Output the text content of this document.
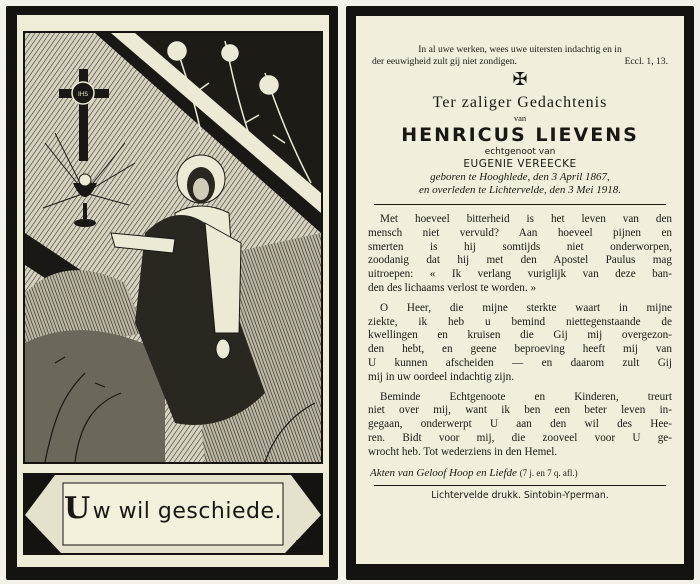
IHS
Uw wil geschiede.
C·G·	DB.10
In al uwe werken, wees uwe uitersten indachtig en in
der eeuwigheid zult gij niet zondigen.	Eccl. 1, 13.
✠
Ter zaliger Gedachtenis
van
HENRICUS LIEVENS
echtgenoot van
EUGENIE VEREECKE
geboren te Hooghlede, den 3 April 1867,
en overleden te Lichtervelde, den 3 Mei 1918.
Met hoeveel bitterheid is het leven van den
mensch niet vervuld? Aan hoeveel pijnen en
smerten is hij somtijds niet onderworpen,
zoodanig dat hij met den Apostel Paulus mag
uitroepen: « Ik verlang vuriglijk van deze ban-
den des lichaams verlost te worden. »
O Heer, die mijne sterkte waart in mijne
ziekte, ik heb u bemind niettegenstaande de
kwellingen en kruisen die Gij mij overgezon-
den hebt, en geene beproeving heeft mij van
U kunnen afscheiden — en daarom zult Gij
mij in uw oordeel indachtig zijn.
Beminde Echtgenoote en Kinderen, treurt
niet over mij, want ik ben een beter leven in-
gegaan, onderwerpt U aan den wil des Hee-
ren. Bidt voor mij, die zooveel voor U ge-
wrocht heb. Tot wederziens in den Hemel.
Akten van Geloof Hoop en Liefde (7 j. en 7 q. afl.)
Lichtervelde drukk. Sintobin-Yperman.
